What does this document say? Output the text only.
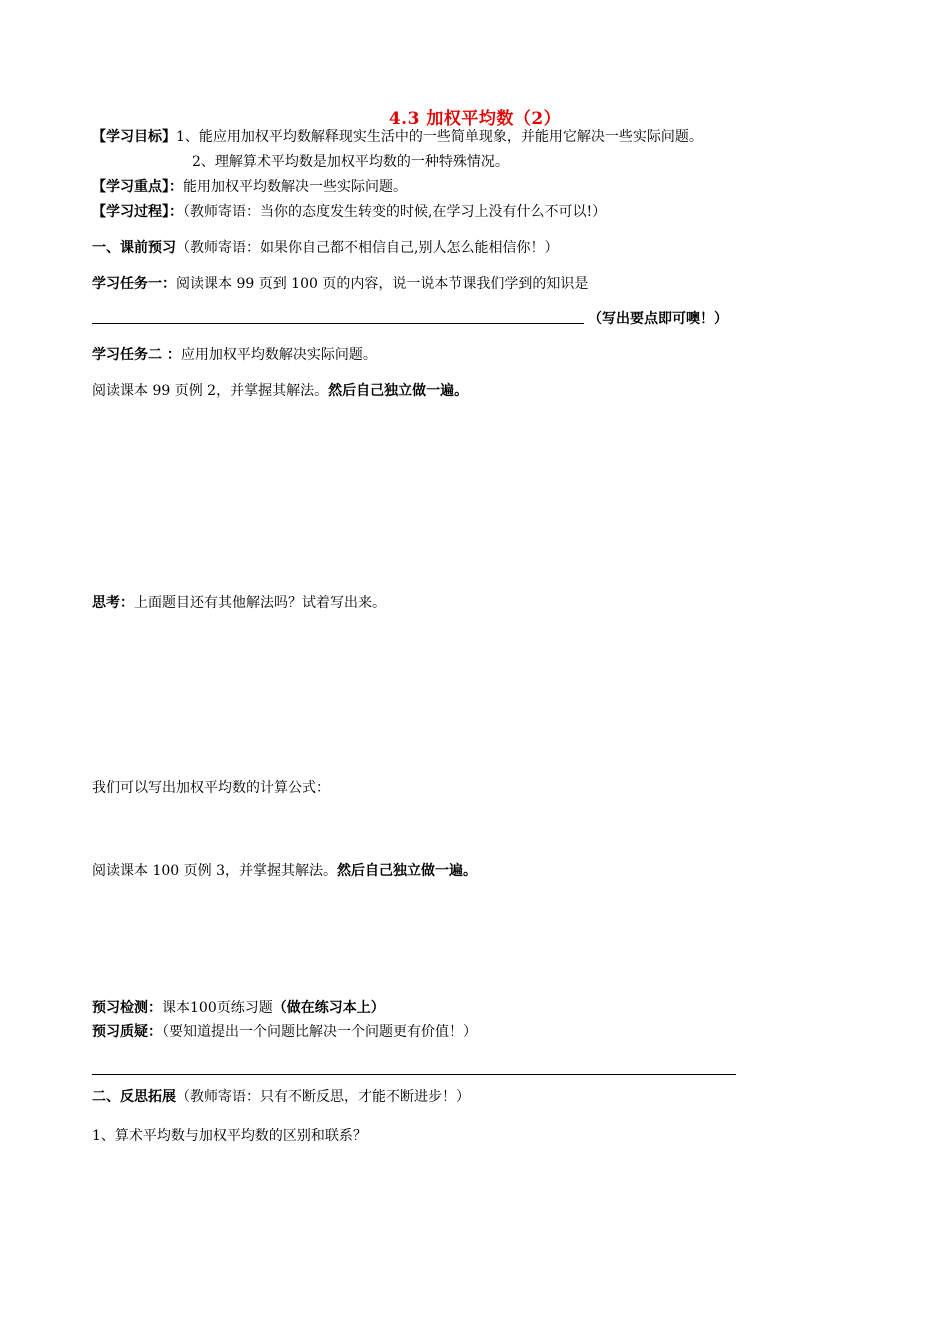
4.3 加权平均数（2）
【学习目标】1、能应用加权平均数解释现实生活中的一些简单现象，并能用它解决一些实际问题。
2、理解算术平均数是加权平均数的一种特殊情况。
【学习重点】：能用加权平均数解决一些实际问题。
【学习过程】：（教师寄语：当你的态度发生转变的时候,在学习上没有什么不可以!）
一、课前预习（教师寄语：如果你自己都不相信自己,别人怎么能相信你！）
学习任务一：阅读课本 99 页到 100 页的内容，说一说本节课我们学到的知识是
（写出要点即可噢！）
学习任务二 ：应用加权平均数解决实际问题。
阅读课本 99 页例 2，并掌握其解法。然后自己独立做一遍。
思考：上面题目还有其他解法吗？试着写出来。
我们可以写出加权平均数的计算公式：
阅读课本 100 页例 3，并掌握其解法。然后自己独立做一遍。
预习检测：课本100页练习题（做在练习本上）
预习质疑：（要知道提出一个问题比解决一个问题更有价值！）
二、反思拓展（教师寄语：只有不断反思，才能不断进步！）
1、算术平均数与加权平均数的区别和联系？
